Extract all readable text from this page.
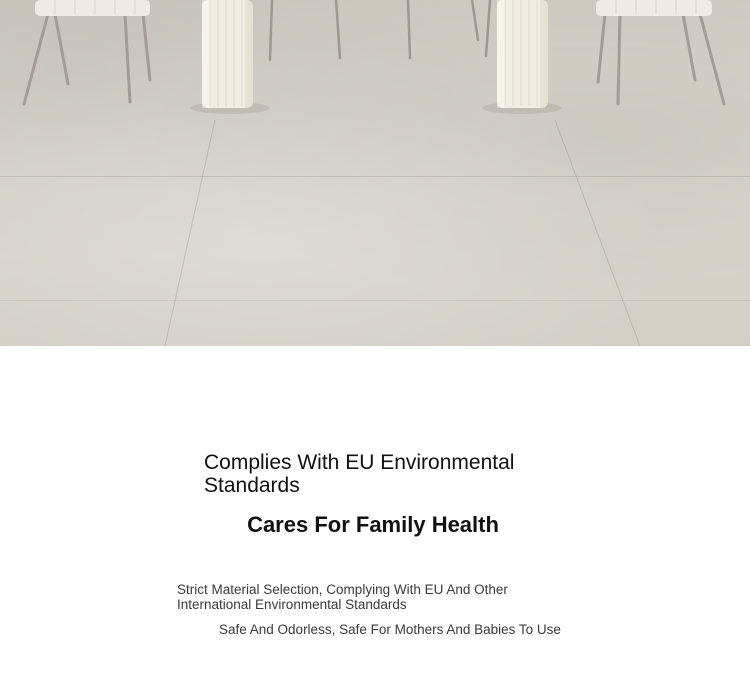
Complies With EU Environmental Standards
Cares For Family Health

Strict Material Selection, Complying With EU And Other International Environmental Standards

Safe And Odorless, Safe For Mothers And Babies To Use
